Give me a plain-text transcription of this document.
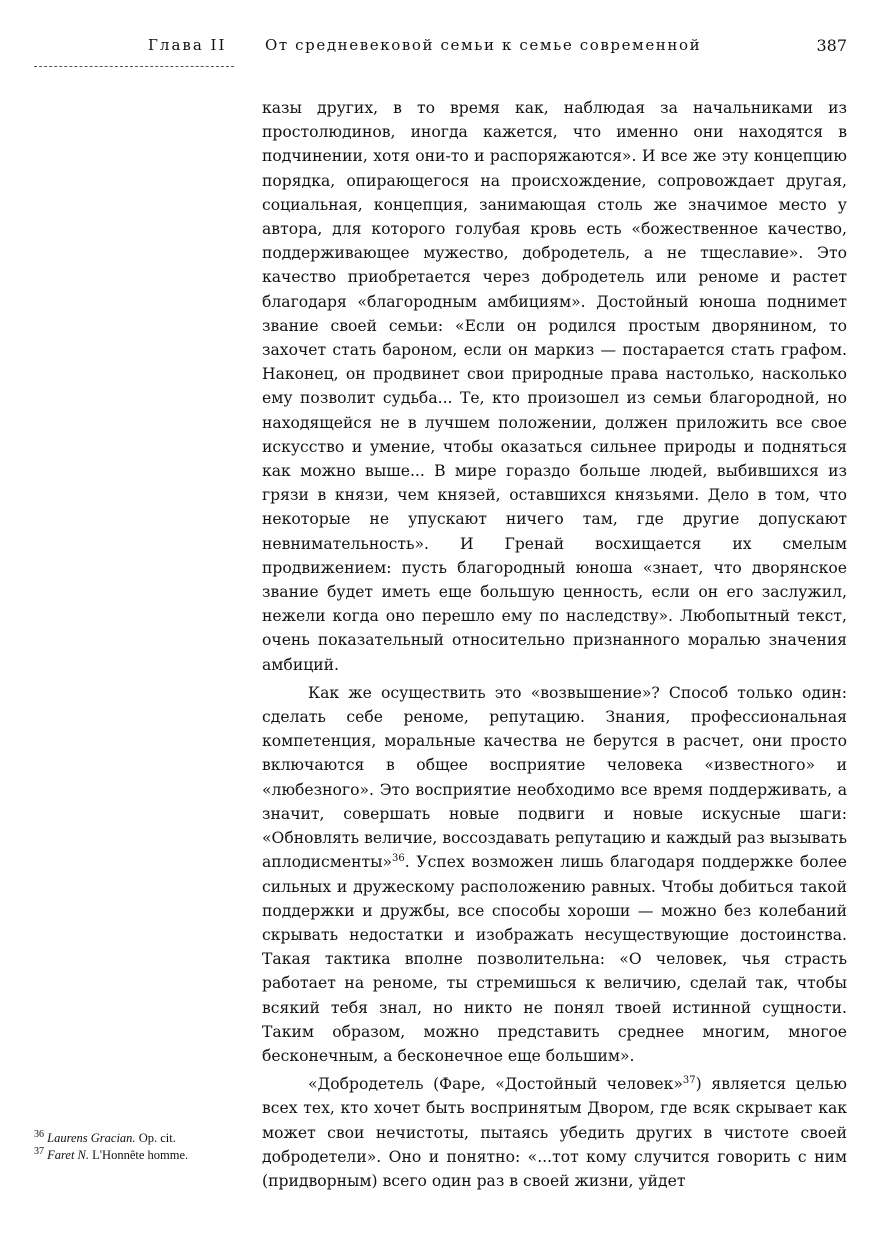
Глава II	От средневековой семьи к семье современной	387

казы других, в то время как, наблюдая за начальниками из простолюдинов, иногда кажется, что именно они находятся в подчинении, хотя они-то и распоряжаются». И все же эту концепцию порядка, опирающегося на происхождение, сопровождает другая, социальная, концепция, занимающая столь же значимое место у автора, для которого голубая кровь есть «божественное качество, поддерживающее мужество, добродетель, а не тщеславие». Это качество приобретается через добродетель или реноме и растет благодаря «благородным амбициям». Достойный юноша поднимет звание своей семьи: «Если он родился простым дворянином, то захочет стать бароном, если он маркиз — постарается стать графом. Наконец, он продвинет свои природные права настолько, насколько ему позволит судьба... Те, кто произошел из семьи благородной, но находящейся не в лучшем положении, должен приложить все свое искусство и умение, чтобы оказаться сильнее природы и подняться как можно выше... В мире гораздо больше людей, выбившихся из грязи в князи, чем князей, оставшихся князьями. Дело в том, что некоторые не упускают ничего там, где другие допускают невнимательность». И Гренай восхищается их смелым продвижением: пусть благородный юноша «знает, что дворянское звание будет иметь еще большую ценность, если он его заслужил, нежели когда оно перешло ему по наследству». Любопытный текст, очень показательный относительно признанного моралью значения амбиций.

Как же осуществить это «возвышение»? Способ только один: сделать себе реноме, репутацию. Знания, профессиональная компетенция, моральные качества не берутся в расчет, они просто включаются в общее восприятие человека «известного» и «любезного». Это восприятие необходимо все время поддерживать, а значит, совершать новые подвиги и новые искусные шаги: «Обновлять величие, воссоздавать репутацию и каждый раз вызывать аплодисменты»$^{36}$. Успех возможен лишь благодаря поддержке более сильных и дружескому расположению равных. Чтобы добиться такой поддержки и дружбы, все способы хороши — можно без колебаний скрывать недостатки и изображать несуществующие достоинства. Такая тактика вполне позволительна: «О человек, чья страсть работает на реноме, ты стремишься к величию, сделай так, чтобы всякий тебя знал, но никто не понял твоей истинной сущности. Таким образом, можно представить среднее многим, многое бесконечным, а бесконечное еще большим».

«Добродетель (Фаре, «Достойный человек»$^{37}$) является целью всех тех, кто хочет быть воспринятым Двором, где всяк скрывает как может свои нечистоты, пытаясь убедить других в чистоте своей добродетели». Оно и понятно: «...тот кому случится говорить с ним (придворным) всего один раз в своей жизни, уйдет

$^{36}$ Laurens Gracian. Op. cit.
$^{37}$ Faret N. L'Honnête homme.
